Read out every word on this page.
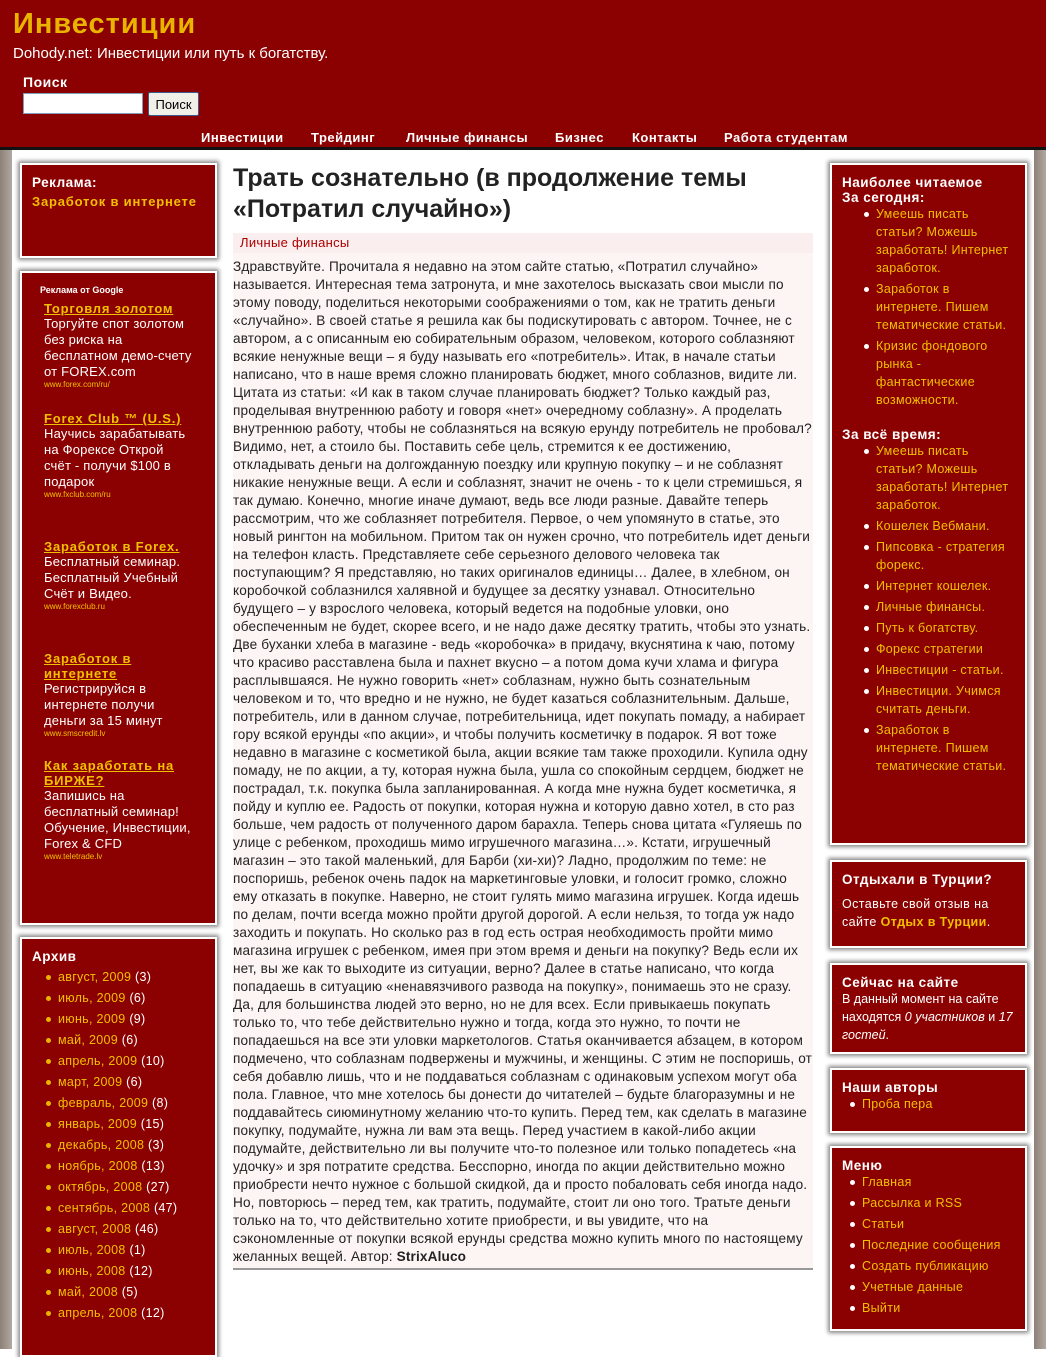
Инвестиции
Dohody.net: Инвестиции или путь к богатству.
Поиск
Поиск
Инвестиции Трейдинг Личные финансы Бизнес Контакты Работа студентам
Реклама:
Заработок в интернете
Реклама от Google
Торговля золотом
Торгуйте спот золотом без риска на бесплатном демо-счету от FOREX.com
www.forex.com/ru/
Forex Club ™ (U.S.)
Научись зарабатывать на Форексе Открой счёт - получи $100 в подарок
www.fxclub.com/ru
Заработок в Forex.
Бесплатный семинар. Бесплатный Учебный Счёт и Видео.
www.forexclub.ru
Заработок в интернете
Регистрируйся в интернете получи деньги за 15 минут
www.smscredit.lv
Как заработать на БИРЖЕ?
Запишись на бесплатный семинар! Обучение, Инвестиции, Forex & CFD
www.teletrade.lv
Архив
август, 2009 (3)
июль, 2009 (6)
июнь, 2009 (9)
май, 2009 (6)
апрель, 2009 (10)
март, 2009 (6)
февраль, 2009 (8)
январь, 2009 (15)
декабрь, 2008 (3)
ноябрь, 2008 (13)
октябрь, 2008 (27)
сентябрь, 2008 (47)
август, 2008 (46)
июль, 2008 (1)
июнь, 2008 (12)
май, 2008 (5)
апрель, 2008 (12)
Трать сознательно (в продолжение темы «Потратил случайно»)
Личные финансы
Здравствуйте. Прочитала я недавно на этом сайте статью, «Потратил случайно» называется. Интересная тема затронута, и мне захотелось высказать свои мысли по этому поводу, поделиться некоторыми соображениями о том, как не тратить деньги «случайно». В своей статье я решила как бы подискутировать с автором. Точнее, не с автором, а с описанным ею собирательным образом, человеком, которого соблазняют всякие ненужные вещи – я буду называть его «потребитель». Итак, в начале статьи написано, что в наше время сложно планировать бюджет, много соблазнов, видите ли. Цитата из статьи: «И как в таком случае планировать бюджет? Только каждый раз, проделывая внутреннюю работу и говоря «нет» очередному соблазну». А проделать внутреннюю работу, чтобы не соблазняться на всякую ерунду потребитель не пробовал? Видимо, нет, а стоило бы. Поставить себе цель, стремится к ее достижению, откладывать деньги на долгожданную поездку или крупную покупку – и не соблазнят никакие ненужные вещи. А если и соблазнят, значит не очень - то к цели стремишься, я так думаю. Конечно, многие иначе думают, ведь все люди разные. Давайте теперь рассмотрим, что же соблазняет потребителя. Первое, о чем упомянуто в статье, это новый рингтон на мобильном. Притом так он нужен срочно, что потребитель идет деньги на телефон класть. Представляете себе серьезного делового человека так поступающим? Я представляю, но таких оригиналов единицы… Далее, в хлебном, он коробочкой соблазнился халявной и будущее за десятку узнавал. Относительно будущего – у взрослого человека, который ведется на подобные уловки, оно обеспеченным не будет, скорее всего, и не надо даже десятку тратить, чтобы это узнать. Две буханки хлеба в магазине - ведь «коробочка» в придачу, вкуснятина к чаю, потому что красиво расставлена была и пахнет вкусно – а потом дома кучи хлама и фигура расплывшаяся. Не нужно говорить «нет» соблазнам, нужно быть сознательным человеком и то, что вредно и не нужно, не будет казаться соблазнительным. Дальше, потребитель, или в данном случае, потребительница, идет покупать помаду, а набирает гору всякой ерунды «по акции», и чтобы получить косметичку в подарок. Я вот тоже недавно в магазине с косметикой была, акции всякие там также проходили. Купила одну помаду, не по акции, а ту, которая нужна была, ушла со спокойным сердцем, бюджет не пострадал, т.к. покупка была запланированная. А когда мне нужна будет косметичка, я пойду и куплю ее. Радость от покупки, которая нужна и которую давно хотел, в сто раз больше, чем радость от полученного даром барахла. Теперь снова цитата «Гуляешь по улице с ребенком, проходишь мимо игрушечного магазина…». Кстати, игрушечный магазин – это такой маленький, для Барби (хи-хи)? Ладно, продолжим по теме: не поспоришь, ребенок очень падок на маркетинговые уловки, и голосит громко, сложно ему отказать в покупке. Наверно, не стоит гулять мимо магазина игрушек. Когда идешь по делам, почти всегда можно пройти другой дорогой. А если нельзя, то тогда уж надо заходить и покупать. Но сколько раз в год есть острая необходимость пройти мимо магазина игрушек с ребенком, имея при этом время и деньги на покупку? Ведь если их нет, вы же как то выходите из ситуации, верно? Далее в статье написано, что когда попадаешь в ситуацию «ненавязчивого развода на покупку», понимаешь это не сразу. Да, для большинства людей это верно, но не для всех. Если привыкаешь покупать только то, что тебе действительно нужно и тогда, когда это нужно, то почти не попадаешься на все эти уловки маркетологов. Статья оканчивается абзацем, в котором подмечено, что соблазнам подвержены и мужчины, и женщины. С этим не поспоришь, от себя добавлю лишь, что и не поддаваться соблазнам с одинаковым успехом могут оба пола. Главное, что мне хотелось бы донести до читателей – будьте благоразумны и не поддавайтесь сиюминутному желанию что-то купить. Перед тем, как сделать в магазине покупку, подумайте, нужна ли вам эта вещь. Перед участием в какой-либо акции подумайте, действительно ли вы получите что-то полезное или только попадетесь «на удочку» и зря потратите средства. Бесспорно, иногда по акции действительно можно приобрести нечто нужное с большой скидкой, да и просто побаловать себя иногда надо. Но, повторюсь – перед тем, как тратить, подумайте, стоит ли оно того. Тратьте деньги только на то, что действительно хотите приобрести, и вы увидите, что на сэкономленные от покупки всякой ерунды средства можно купить много по настоящему желанных вещей. Автор: StrixAluco
Наиболее читаемое
За сегодня:
Умеешь писать статьи? Можешь заработать! Интернет заработок.
Заработок в интернете. Пишем тематические статьи.
Кризис фондового рынка - фантастические возможности.
За всё время:
Умеешь писать статьи? Можешь заработать! Интернет заработок.
Кошелек Вебмани.
Пипсовка - стратегия форекс.
Интернет кошелек.
Личные финансы.
Путь к богатству.
Форекс стратегии
Инвестиции - статьи.
Инвестиции. Учимся считать деньги.
Заработок в интернете. Пишем тематические статьи.
Отдыхали в Турции?
Оставьте свой отзыв на сайте Отдых в Турции.
Сейчас на сайте
В данный момент на сайте находятся 0 участников и 17 гостей.
Наши авторы
Проба пера
Меню
Главная
Рассылка и RSS
Статьи
Последние сообщения
Создать публикацию
Учетные данные
Выйти
